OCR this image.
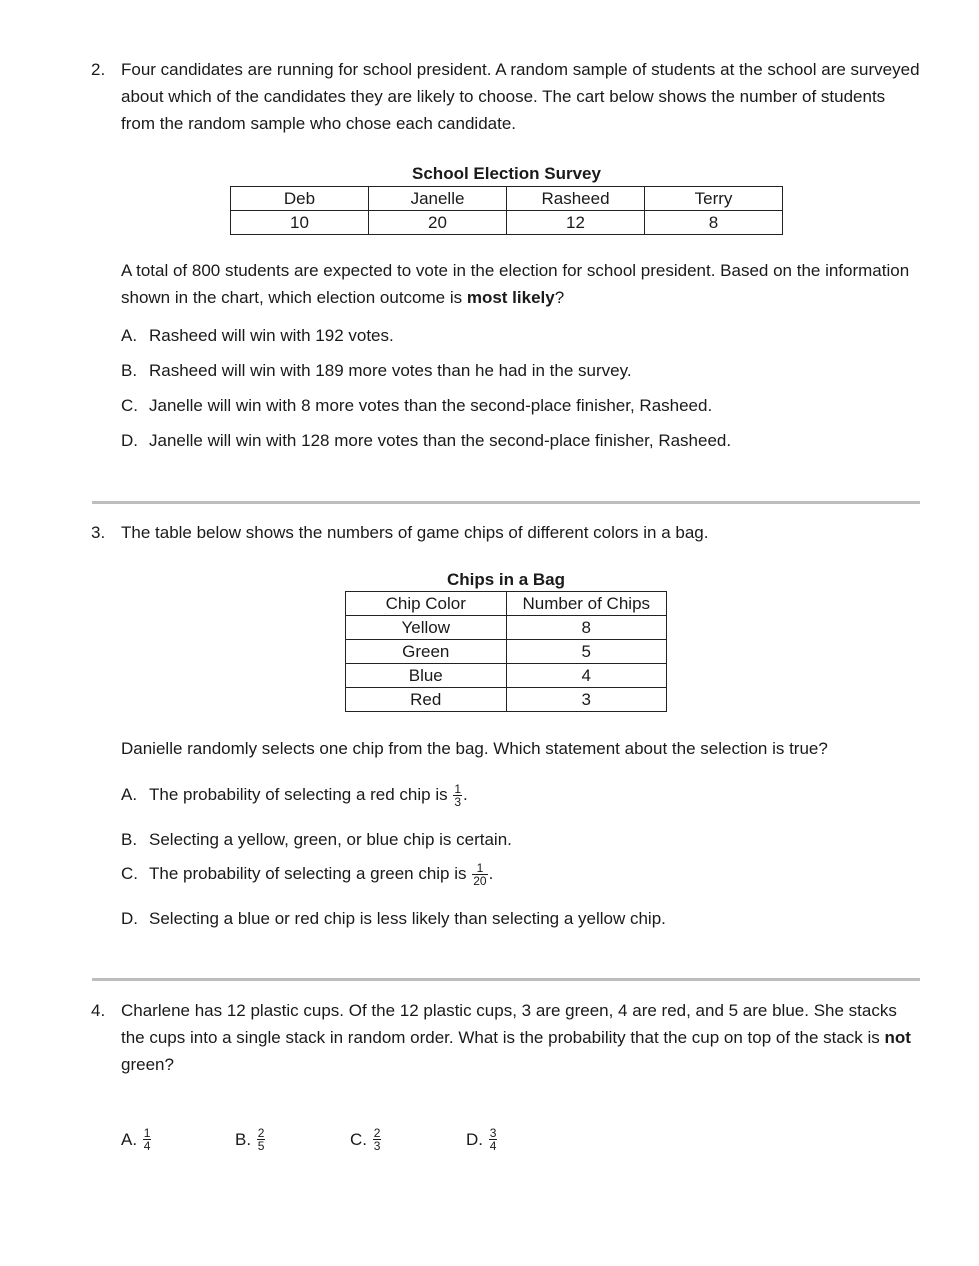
2. Four candidates are running for school president. A random sample of students at the school are surveyed about which of the candidates they are likely to choose. The cart below shows the number of students from the random sample who chose each candidate.
School Election Survey
Deb	Janelle	Rasheed	Terry
10	20	12	8
A total of 800 students are expected to vote in the election for school president. Based on the information shown in the chart, which election outcome is most likely?
A. Rasheed will win with 192 votes.
B. Rasheed will win with 189 more votes than he had in the survey.
C. Janelle will win with 8 more votes than the second-place finisher, Rasheed.
D. Janelle will win with 128 more votes than the second-place finisher, Rasheed.
3. The table below shows the numbers of game chips of different colors in a bag.
Chips in a Bag
Chip Color	Number of Chips
Yellow	8
Green	5
Blue	4
Red	3
Danielle randomly selects one chip from the bag. Which statement about the selection is true?
A. The probability of selecting a red chip is $\frac{1}{3}$ .
B. Selecting a yellow, green, or blue chip is certain.
C. The probability of selecting a green chip is $\frac{1}{20}$ .
D. Selecting a blue or red chip is less likely than selecting a yellow chip.
4. Charlene has 12 plastic cups. Of the 12 plastic cups, 3 are green, 4 are red, and 5 are blue. She stacks the cups into a single stack in random order. What is the probability that the cup on top of the stack is not green?
A. $\frac{1}{4}$	B. $\frac{2}{5}$	C. $\frac{2}{3}$	D. $\frac{3}{4}$
